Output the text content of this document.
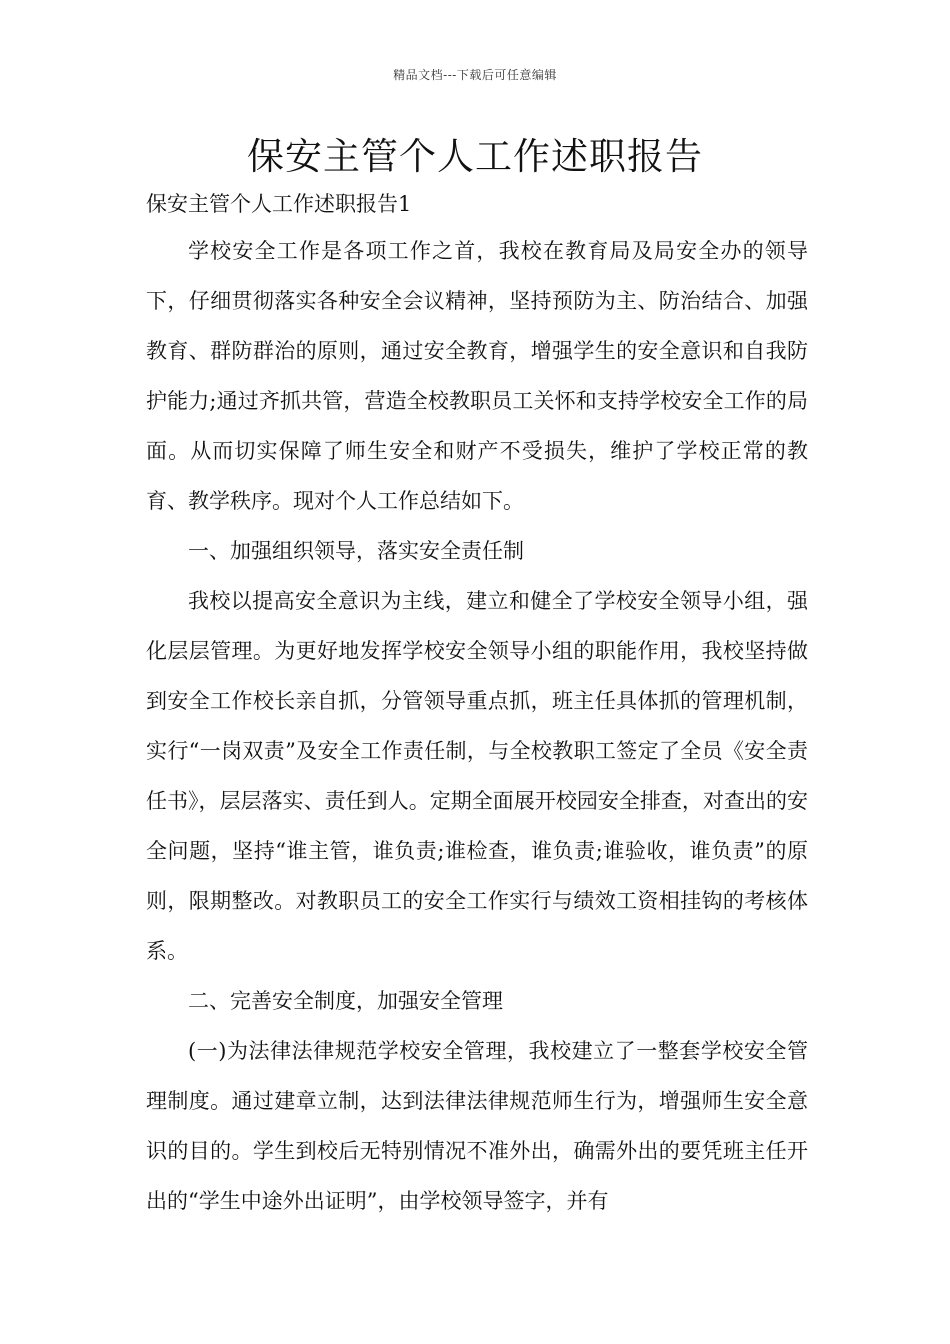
精品文档---下载后可任意编辑
保安主管个人工作述职报告
保安主管个人工作述职报告1

学校安全工作是各项工作之首，我校在教育局及局安全办的领导下，仔细贯彻落实各种安全会议精神，坚持预防为主、防治结合、加强教育、群防群治的原则，通过安全教育，增强学生的安全意识和自我防护能力;通过齐抓共管，营造全校教职员工关怀和支持学校安全工作的局面。从而切实保障了师生安全和财产不受损失，维护了学校正常的教育、教学秩序。现对个人工作总结如下。

一、加强组织领导，落实安全责任制

我校以提高安全意识为主线，建立和健全了学校安全领导小组，强化层层管理。为更好地发挥学校安全领导小组的职能作用，我校坚持做到安全工作校长亲自抓，分管领导重点抓，班主任具体抓的管理机制，实行“一岗双责”及安全工作责任制，与全校教职工签定了全员《安全责任书》，层层落实、责任到人。定期全面展开校园安全排查，对查出的安全问题，坚持“谁主管，谁负责;谁检查，谁负责;谁验收，谁负责”的原则，限期整改。对教职员工的安全工作实行与绩效工资相挂钩的考核体系。

二、完善安全制度，加强安全管理

(一)为法律法律规范学校安全管理，我校建立了一整套学校安全管理制度。通过建章立制，达到法律法律规范师生行为，增强师生安全意识的目的。学生到校后无特别情况不准外出，确需外出的要凭班主任开出的“学生中途外出证明”，由学校领导签字，并有
